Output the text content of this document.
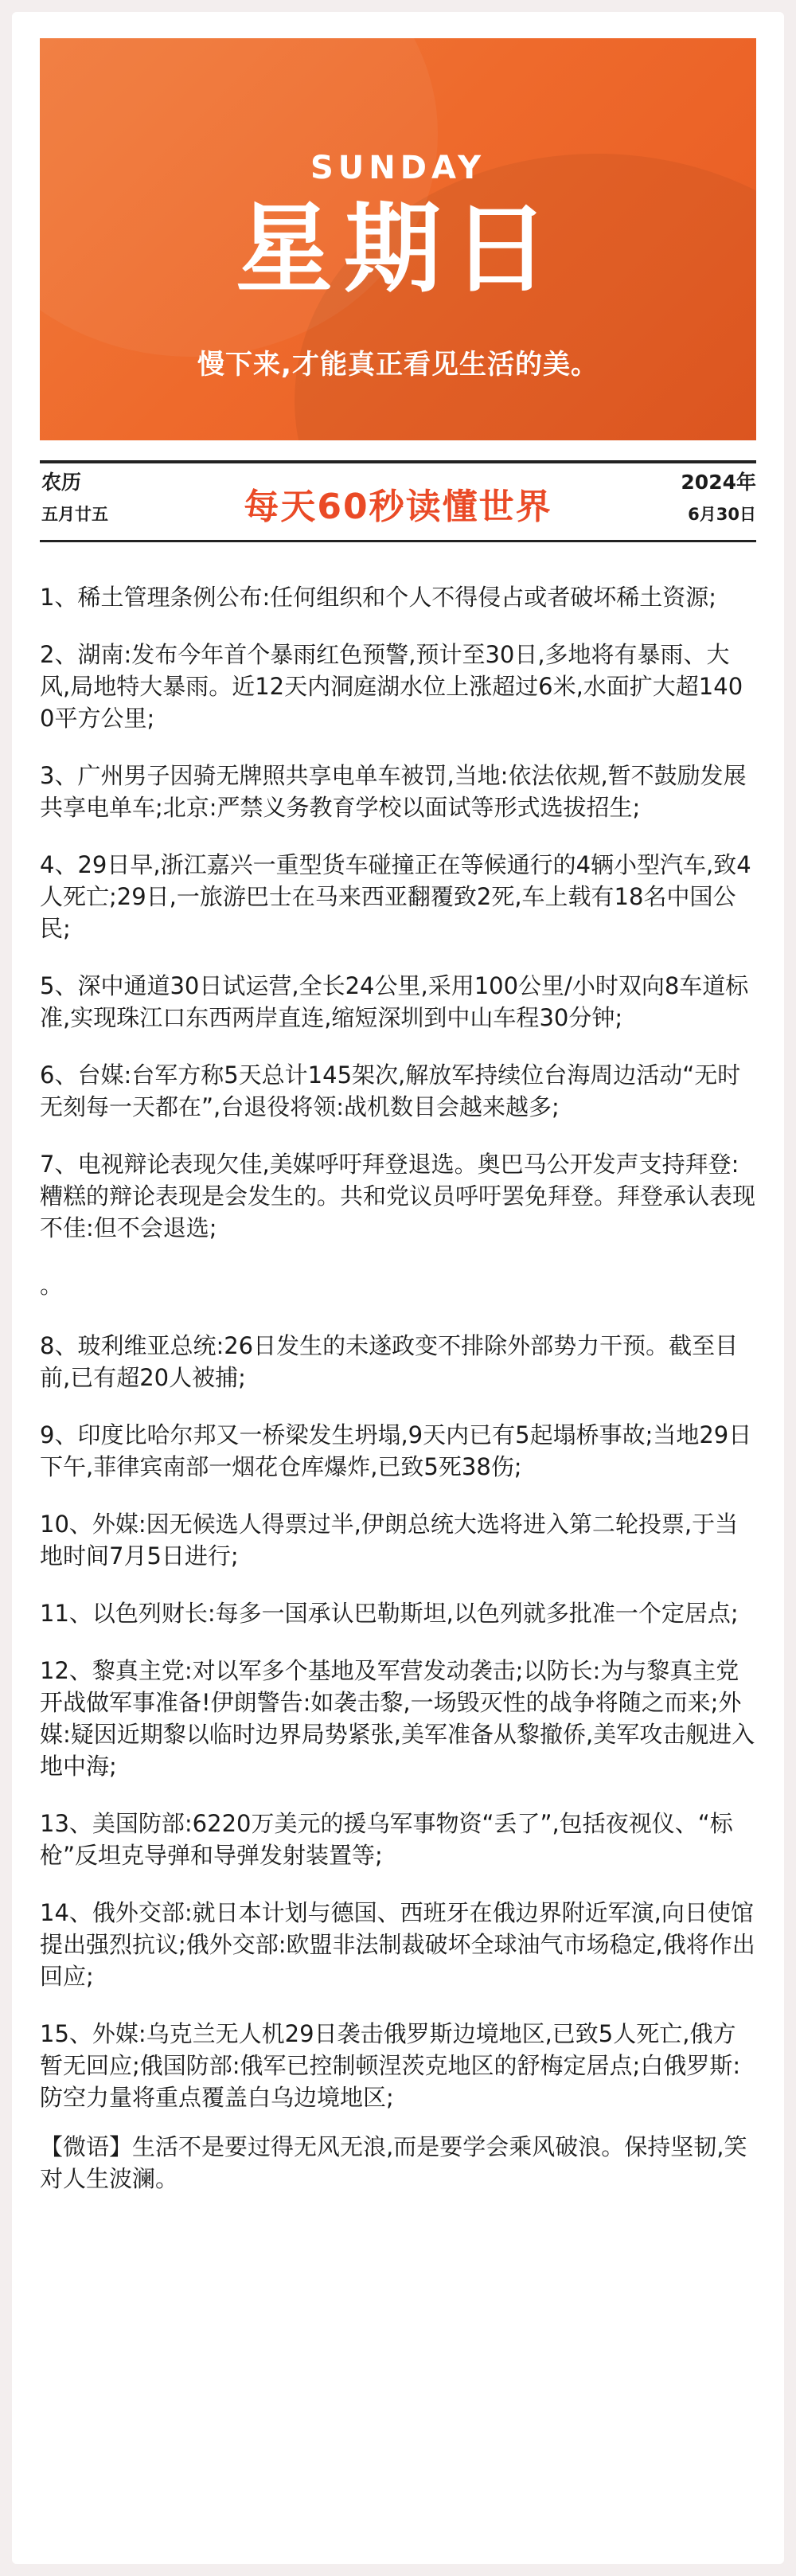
SUNDAY
星期日
慢下来,才能真正看见生活的美。
农历
五月廿五	每天60秒读懂世界
2024年
6月30日
1、稀土管理条例公布:任何组织和个人不得侵占或者破坏稀土资源;
2、湖南:发布今年首个暴雨红色预警,预计至30日,多地将有暴雨、大风,局地特大暴雨。近12天内洞庭湖水位上涨超过6米,水面扩大超1400平方公里;
3、广州男子因骑无牌照共享电单车被罚,当地:依法依规,暂不鼓励发展共享电单车;北京:严禁义务教育学校以面试等形式选拔招生;
4、29日早,浙江嘉兴一重型货车碰撞正在等候通行的4辆小型汽车,致4人死亡;29日,一旅游巴士在马来西亚翻覆致2死,车上载有18名中国公民;
5、深中通道30日试运营,全长24公里,采用100公里/小时双向8车道标准,实现珠江口东西两岸直连,缩短深圳到中山车程30分钟;
6、台媒:台军方称5天总计145架次,解放军持续位台海周边活动“无时无刻每一天都在”,台退役将领:战机数目会越来越多;
7、电视辩论表现欠佳,美媒呼吁拜登退选。奥巴马公开发声支持拜登:糟糕的辩论表现是会发生的。共和党议员呼吁罢免拜登。拜登承认表现不佳:但不会退选;
。
8、玻利维亚总统:26日发生的未遂政变不排除外部势力干预。截至目前,已有超20人被捕;
9、印度比哈尔邦又一桥梁发生坍塌,9天内已有5起塌桥事故;当地29日下午,菲律宾南部一烟花仓库爆炸,已致5死38伤;
10、外媒:因无候选人得票过半,伊朗总统大选将进入第二轮投票,于当地时间7月5日进行;
11、以色列财长:每多一国承认巴勒斯坦,以色列就多批准一个定居点;
12、黎真主党:对以军多个基地及军营发动袭击;以防长:为与黎真主党开战做军事准备!伊朗警告:如袭击黎,一场毁灭性的战争将随之而来;外媒:疑因近期黎以临时边界局势紧张,美军准备从黎撤侨,美军攻击舰进入地中海;
13、美国防部:6220万美元的援乌军事物资“丢了”,包括夜视仪、“标枪”反坦克导弹和导弹发射装置等;
14、俄外交部:就日本计划与德国、西班牙在俄边界附近军演,向日使馆提出强烈抗议;俄外交部:欧盟非法制裁破坏全球油气市场稳定,俄将作出回应;
15、外媒:乌克兰无人机29日袭击俄罗斯边境地区,已致5人死亡,俄方暂无回应;俄国防部:俄军已控制顿涅茨克地区的舒梅定居点;白俄罗斯:防空力量将重点覆盖白乌边境地区;
【微语】生活不是要过得无风无浪,而是要学会乘风破浪。保持坚韧,笑对人生波澜。
